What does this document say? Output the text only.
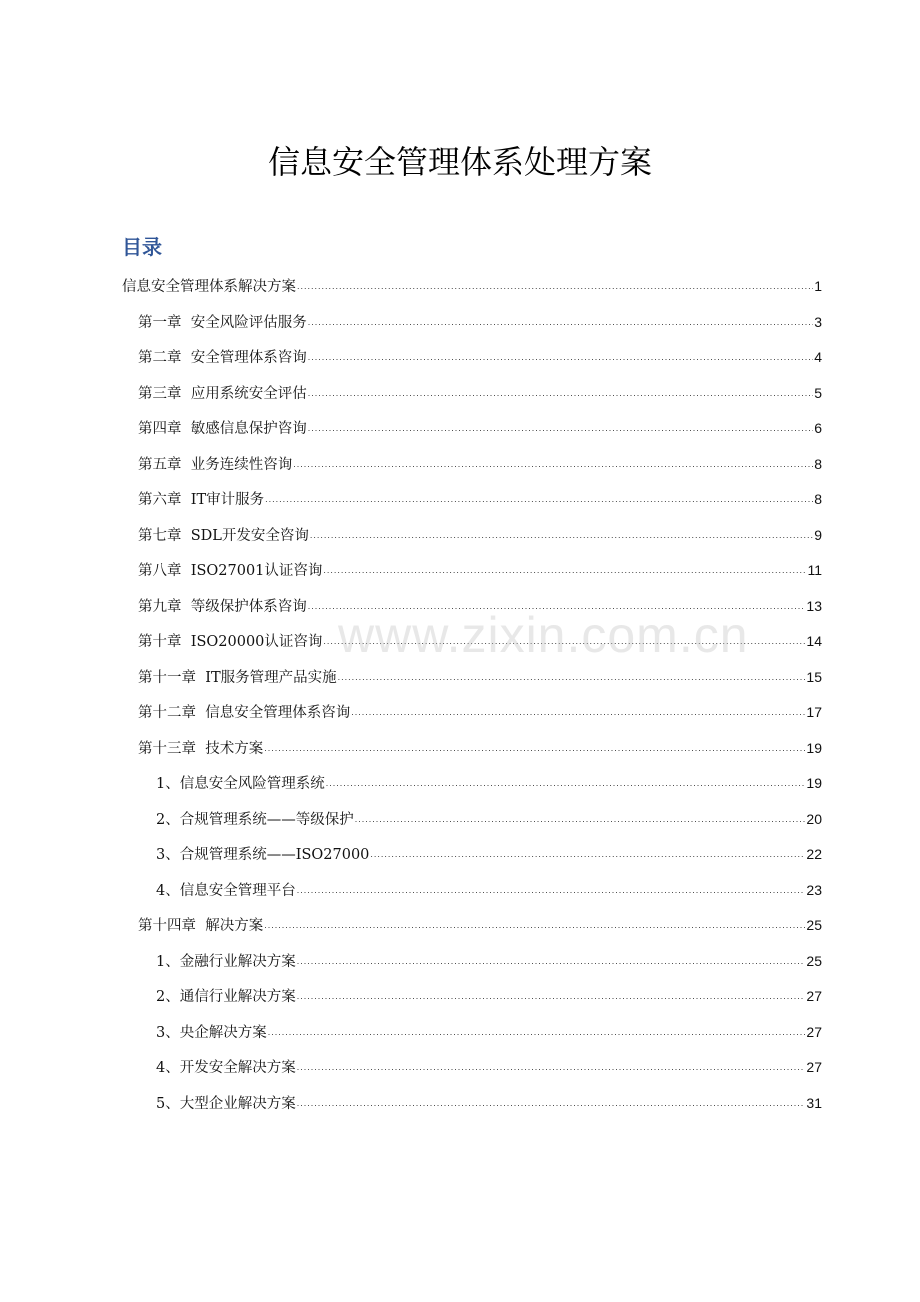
信息安全管理体系处理方案
目录
信息安全管理体系解决方案 .....	1
第一章  安全风险评估服务 .....	3
第二章  安全管理体系咨询 .....	4
第三章  应用系统安全评估 .....	5
第四章  敏感信息保护咨询 .....	6
第五章  业务连续性咨询 .....	8
第六章  IT审计服务 .....	8
第七章  SDL开发安全咨询 .....	9
第八章  ISO27001认证咨询 .....	11
第九章  等级保护体系咨询 .....	13
第十章  ISO20000认证咨询 .....	14
第十一章  IT服务管理产品实施 .....	15
第十二章  信息安全管理体系咨询 .....	17
第十三章  技术方案 .....	19
1、信息安全风险管理系统 .....	19
2、合规管理系统——等级保护 .....	20
3、合规管理系统——ISO27000 .....	22
4、信息安全管理平台 .....	23
第十四章  解决方案 .....	25
1、金融行业解决方案 .....	25
2、通信行业解决方案 .....	27
3、央企解决方案 .....	27
4、开发安全解决方案 .....	27
5、大型企业解决方案 .....	31
www.zixin.com.cn
